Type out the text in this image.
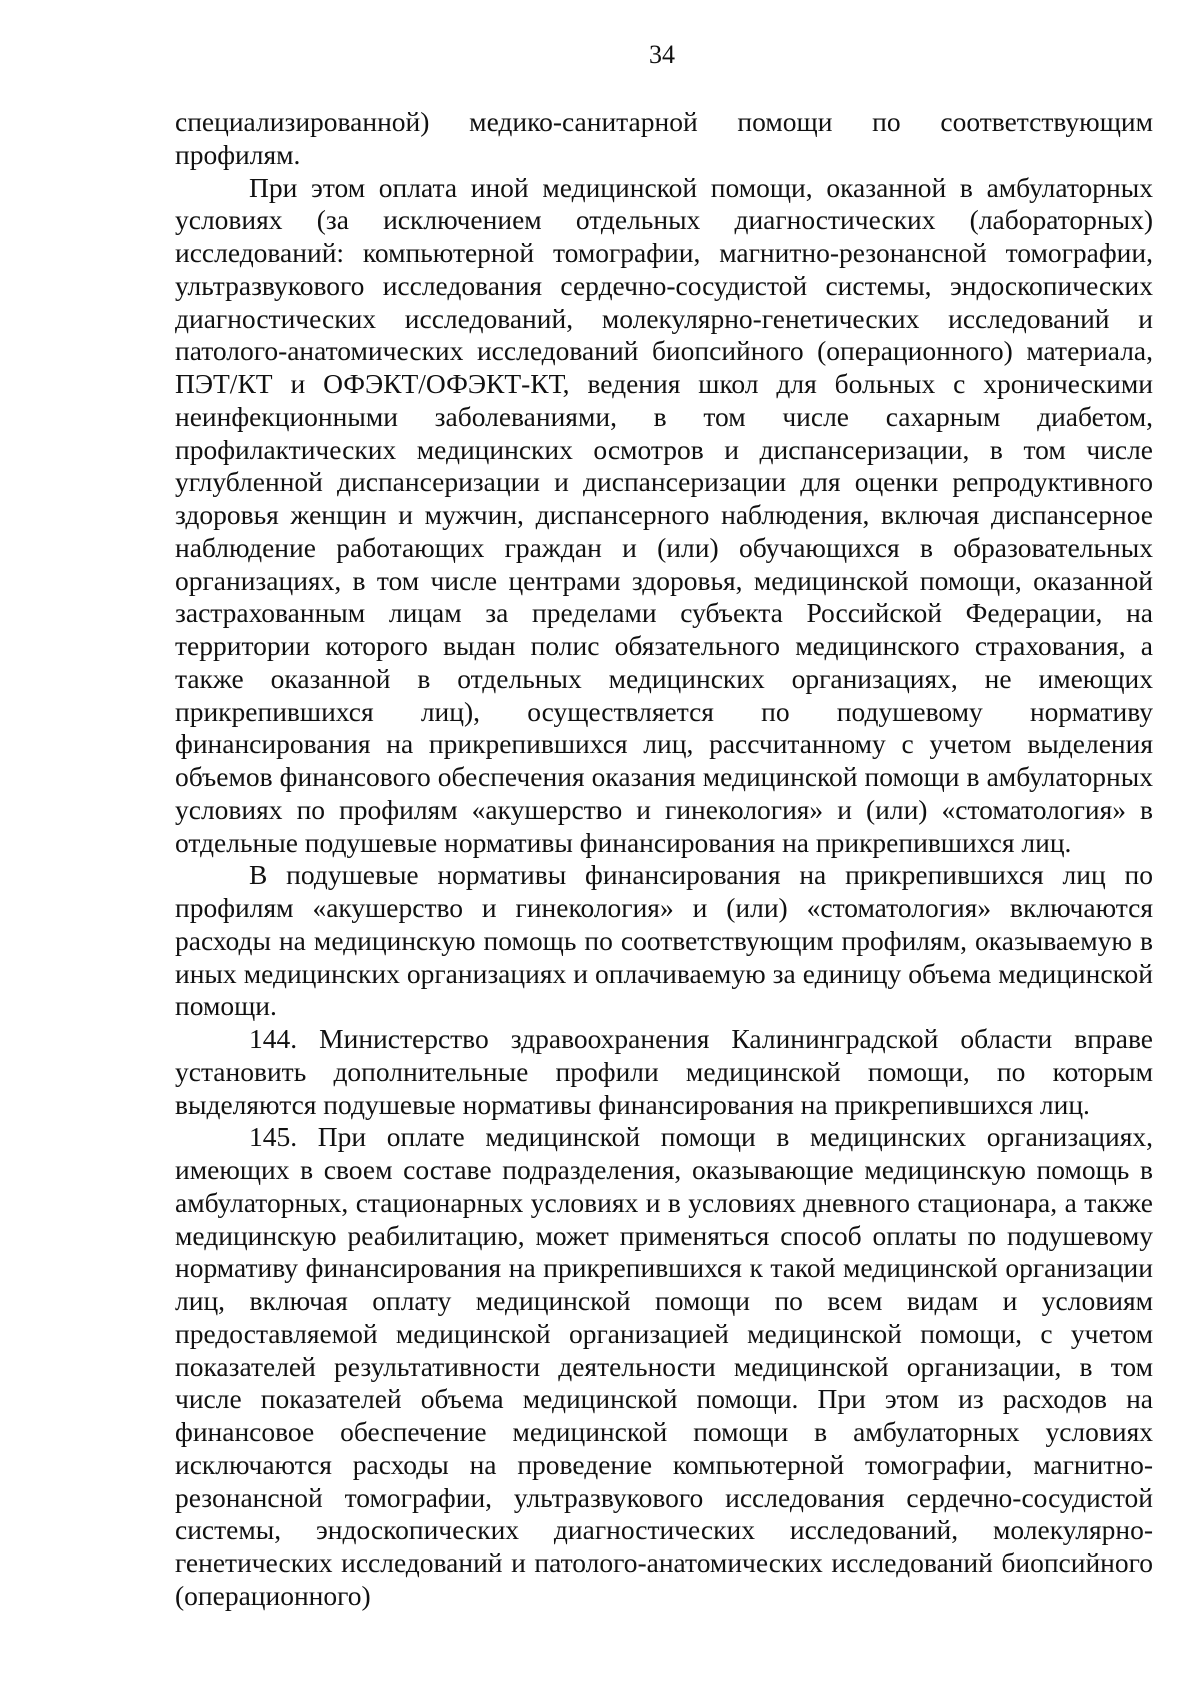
34

специализированной) медико-санитарной помощи по соответствующим профилям.

При этом оплата иной медицинской помощи, оказанной в амбулаторных условиях (за исключением отдельных диагностических (лабораторных) исследований: компьютерной томографии, магнитно-резонансной томографии, ультразвукового исследования сердечно-сосудистой системы, эндоскопических диагностических исследований, молекулярно-генетических исследований и патолого-анатомических исследований биопсийного (операционного) материала, ПЭТ/КТ и ОФЭКТ/ОФЭКТ-КТ, ведения школ для больных с хроническими неинфекционными заболеваниями, в том числе сахарным диабетом, профилактических медицинских осмотров и диспансеризации, в том числе углубленной диспансеризации и диспансеризации для оценки репродуктивного здоровья женщин и мужчин, диспансерного наблюдения, включая диспансерное наблюдение работающих граждан и (или) обучающихся в образовательных организациях, в том числе центрами здоровья, медицинской помощи, оказанной застрахованным лицам за пределами субъекта Российской Федерации, на территории которого выдан полис обязательного медицинского страхования, а также оказанной в отдельных медицинских организациях, не имеющих прикрепившихся лиц), осуществляется по подушевому нормативу финансирования на прикрепившихся лиц, рассчитанному с учетом выделения объемов финансового обеспечения оказания медицинской помощи в амбулаторных условиях по профилям «акушерство и гинекология» и (или) «стоматология» в отдельные подушевые нормативы финансирования на прикрепившихся лиц.

В подушевые нормативы финансирования на прикрепившихся лиц по профилям «акушерство и гинекология» и (или) «стоматология» включаются расходы на медицинскую помощь по соответствующим профилям, оказываемую в иных медицинских организациях и оплачиваемую за единицу объема медицинской помощи.

144. Министерство здравоохранения Калининградской области вправе установить дополнительные профили медицинской помощи, по которым выделяются подушевые нормативы финансирования на прикрепившихся лиц.

145. При оплате медицинской помощи в медицинских организациях, имеющих в своем составе подразделения, оказывающие медицинскую помощь в амбулаторных, стационарных условиях и в условиях дневного стационара, а также медицинскую реабилитацию, может применяться способ оплаты по подушевому нормативу финансирования на прикрепившихся к такой медицинской организации лиц, включая оплату медицинской помощи по всем видам и условиям предоставляемой медицинской организацией медицинской помощи, с учетом показателей результативности деятельности медицинской организации, в том числе показателей объема медицинской помощи. При этом из расходов на финансовое обеспечение медицинской помощи в амбулаторных условиях исключаются расходы на проведение компьютерной томографии, магнитно-резонансной томографии, ультразвукового исследования сердечно-сосудистой системы, эндоскопических диагностических исследований, молекулярно-генетических исследований и патолого-анатомических исследований биопсийного (операционного)
